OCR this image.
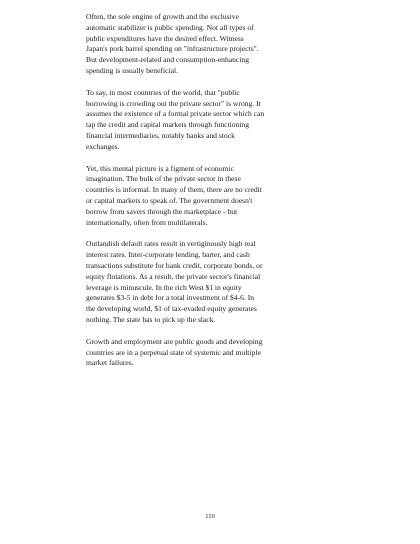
Often, the sole engine of growth and the exclusive
automatic stabilizer is public spending. Not all types of
public expenditures have the desired effect. Witness
Japan's pork barrel spending on "infrastructure projects".
But development-related and consumption-enhancing
spending is usually beneficial.

To say, in most countries of the world, that "public
borrowing is crowding out the private sector" is wrong. It
assumes the existence of a formal private sector which can
tap the credit and capital markets through functioning
financial intermediaries, notably banks and stock
exchanges.

Yet, this mental picture is a figment of economic
imagination. The bulk of the private sector in these
countries is informal. In many of them, there are no credit
or capital markets to speak of. The government doesn't
borrow from savers through the marketplace - but
internationally, often from multilaterals.

Outlandish default rates result in vertiginously high real
interest rates. Inter-corporate lending, barter, and cash
transactions substitute for bank credit, corporate bonds, or
equity flotations. As a result, the private sector's financial
leverage is minuscule. In the rich West $1 in equity
generates $3-5 in debt for a total investment of $4-6. In
the developing world, $1 of tax-evaded equity generates
nothing. The state has to pick up the slack.

Growth and employment are public goods and developing
countries are in a perpetual state of systemic and multiple
market failures.

110
